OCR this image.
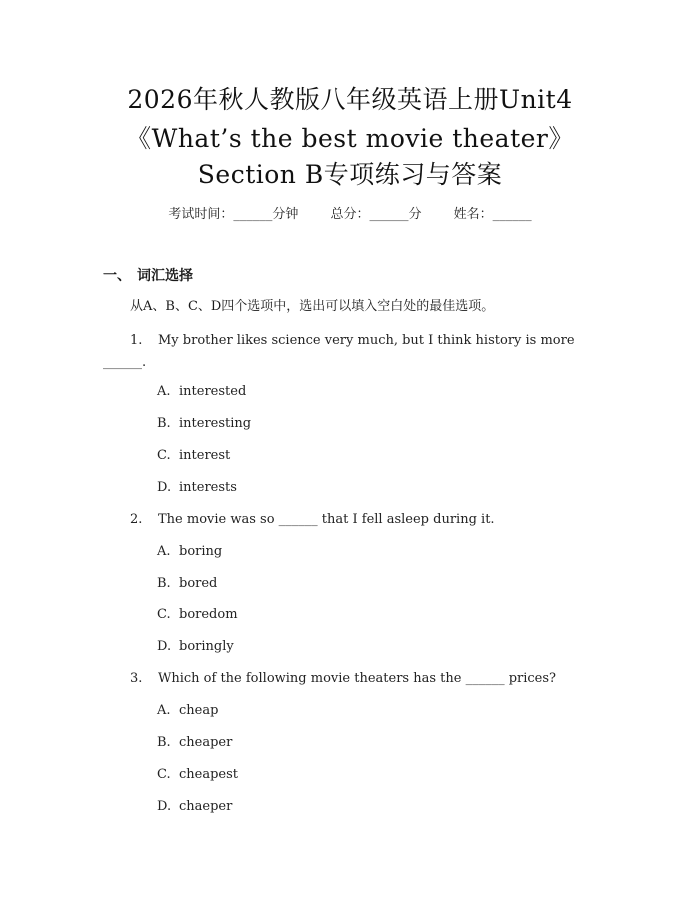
2026年秋人教版八年级英语上册Unit4
《What’s the best movie theater》
Section B专项练习与答案
考试时间：______分钟 总分：______分 姓名：______
一、 词汇选择
从A、B、C、D四个选项中，选出可以填入空白处的最佳选项。
1. My brother likes science very much, but I think history is more
______.
A. interested
B. interesting
C. interest
D. interests
2. The movie was so ______ that I fell asleep during it.
A. boring
B. bored
C. boredom
D. boringly
3. Which of the following movie theaters has the ______ prices?
A. cheap
B. cheaper
C. cheapest
D. chaeper
